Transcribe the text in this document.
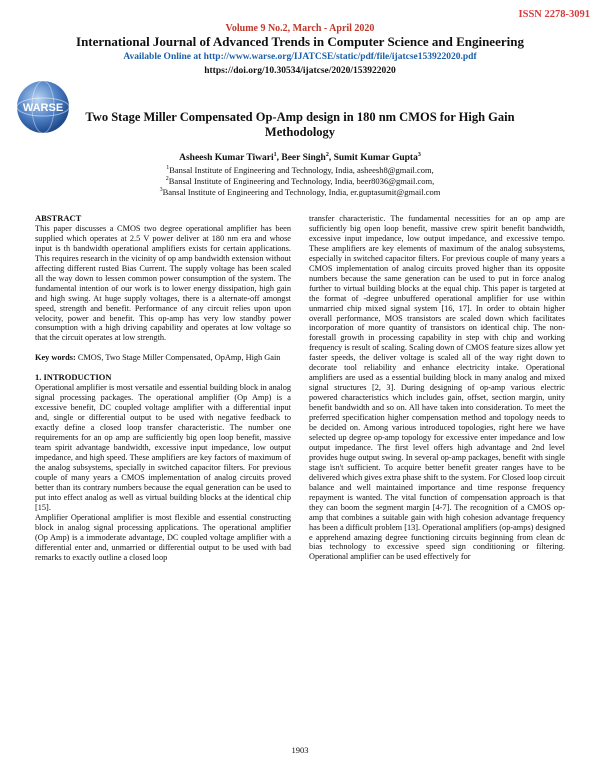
ISSN 2278-3091
Volume 9 No.2, March - April 2020
International Journal of Advanced Trends in Computer Science and Engineering
Available Online at http://www.warse.org/IJATCSE/static/pdf/file/ijatcse153922020.pdf
https://doi.org/10.30534/ijatcse/2020/153922020
WARSE
Two Stage Miller Compensated Op-Amp design in 180 nm CMOS for High Gain Methodology
Asheesh Kumar Tiwari$^1$, Beer Singh$^2$, Sumit Kumar Gupta$^3$
$^1$Bansal Institute of Engineering and Technology, India, asheesh8@gmail.com,
$^2$Bansal Institute of Engineering and Technology, India, beer8036@gmail.com,
$^3$Bansal Institute of Engineering and Technology, India, er.guptasumit@gmail.com

ABSTRACT

This paper discusses a CMOS two degree operational amplifier has been supplied which operates at 2.5 V power deliver at 180 nm era and whose input is th bandwidth operational amplifiers exists for certain applications. This requires research in the vicinity of op amp bandwidth extension without affecting different rusted Bias Current. The supply voltage has been scaled all the way down to lessen common power consumption of the system. The fundamental intention of our work is to lower energy dissipation, high gain and high swing. At huge supply voltages, there is a alternate-off amongst speed, strength and benefit. Performance of any circuit relies upon upon velocity, power and benefit. This op-amp has very low standby power consumption with a high driving capability and operates at low voltage so that the circuit operates at low strength.

Key words: CMOS, Two Stage Miller Compensated, OpAmp, High Gain

1. INTRODUCTION

Operational amplifier is most versatile and essential building block in analog signal processing packages. The operational amplifier (Op Amp) is a excessive benefit, DC coupled voltage amplifier with a differential input and, single or differential output to be used with negative feedback to exactly define a closed loop transfer characteristic. The number one requirements for an op amp are sufficiently big open loop benefit, massive team spirit advantage bandwidth, excessive input impedance, low output impedance, and high speed. These amplifiers are key factors of maximum of the analog subsystems, specially in switched capacitor filters. For previous couple of many years a CMOS implementation of analog circuits proved better than its contrary numbers because the equal generation can be used to put into effect analog as well as virtual building blocks at the identical chip [15].

Amplifier Operational amplifier is most flexible and essential constructing block in analog signal processing applications. The operational amplifier (Op Amp) is a immoderate advantage, DC coupled voltage amplifier with a differential enter and, unmarried or differential output to be used with bad remarks to exactly outline a closed loop

transfer characteristic. The fundamental necessities for an op amp are sufficiently big open loop benefit, massive crew spirit benefit bandwidth, excessive input impedance, low output impedance, and excessive tempo. These amplifiers are key elements of maximum of the analog subsystems, especially in switched capacitor filters. For previous couple of many years a CMOS implementation of analog circuits proved higher than its opposite numbers because the same generation can be used to put in force analog further to virtual building blocks at the equal chip. This paper is targeted at the format of -degree unbuffered operational amplifier for use within unmarried chip mixed signal system [16, 17]. In order to obtain higher overall performance, MOS transistors are scaled down which facilitates incorporation of more quantity of transistors on identical chip. The non-forestall growth in processing capability in step with chip and working frequency is result of scaling. Scaling down of CMOS feature sizes allow yet faster speeds, the deliver voltage is scaled all of the way right down to decorate tool reliability and enhance electricity intake. Operational amplifiers are used as a essential building block in many analog and mixed signal structures [2, 3]. During designing of op-amp various electric powered characteristics which includes gain, offset, section margin, unity benefit bandwidth and so on. All have taken into consideration. To meet the preferred specification higher compensation method and topology needs to be decided on. Among various introduced topologies, right here we have selected up degree op-amp topology for excessive enter impedance and low output impedance. The first level offers high advantage and 2nd level provides huge output swing. In several op-amp packages, benefit with single stage isn't sufficient. To acquire better benefit greater ranges have to be delivered which gives extra phase shift to the system. For Closed loop circuit balance and well maintained importance and time response frequency repayment is wanted. The vital function of compensation approach is that they can boom the segment margin [4-7]. The recognition of a CMOS op-amp that combines a suitable gain with high cohesion advantage frequency has been a difficult problem [13]. Operational amplifiers (op-amps) designed e apprehend amazing degree functioning circuits beginning from clean dc bias technology to excessive speed sign conditioning or filtering. Operational amplifier can be used effectively for

1903
